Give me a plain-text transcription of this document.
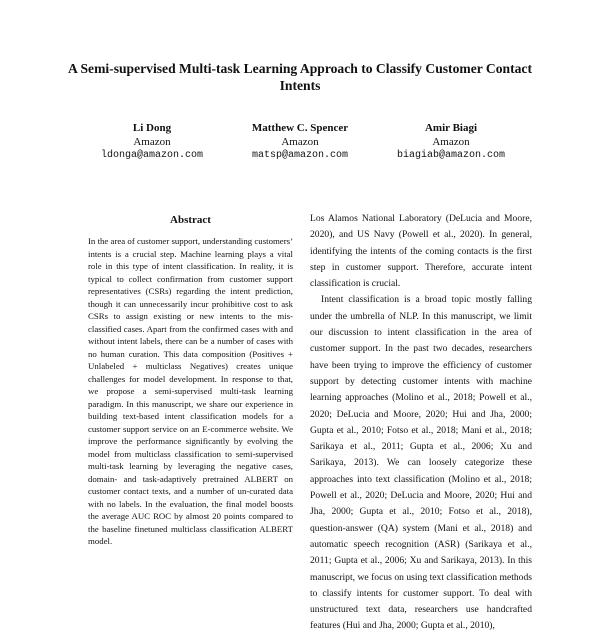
A Semi-supervised Multi-task Learning Approach to Classify Customer Contact Intents
Li Dong
Amazon
ldonga@amazon.com
Matthew C. Spencer
Amazon
matsp@amazon.com
Amir Biagi
Amazon
biagiab@amazon.com
Abstract
In the area of customer support, understanding customers’ intents is a crucial step. Machine learning plays a vital role in this type of intent classification. In reality, it is typical to collect confirmation from customer support representatives (CSRs) regarding the intent prediction, though it can unnecessarily incur prohibitive cost to ask CSRs to assign existing or new intents to the mis-classified cases. Apart from the confirmed cases with and without intent labels, there can be a number of cases with no human curation. This data composition (Positives + Unlabeled + multiclass Negatives) creates unique challenges for model development. In response to that, we propose a semi-supervised multi-task learning paradigm. In this manuscript, we share our experience in building text-based intent classification models for a customer support service on an E-commerce website. We improve the performance significantly by evolving the model from multiclass classification to semi-supervised multi-task learning by leveraging the negative cases, domain- and task-adaptively pretrained ALBERT on customer contact texts, and a number of un-curated data with no labels. In the evaluation, the final model boosts the average AUC ROC by almost 20 points compared to the baseline finetuned multiclass classification ALBERT model.

Los Alamos National Laboratory (DeLucia and Moore, 2020), and US Navy (Powell et al., 2020). In general, identifying the intents of the coming contacts is the first step in customer support. Therefore, accurate intent classification is crucial.

Intent classification is a broad topic mostly falling under the umbrella of NLP. In this manuscript, we limit our discussion to intent classification in the area of customer support. In the past two decades, researchers have been trying to improve the efficiency of customer support by detecting customer intents with machine learning approaches (Molino et al., 2018; Powell et al., 2020; DeLucia and Moore, 2020; Hui and Jha, 2000; Gupta et al., 2010; Fotso et al., 2018; Mani et al., 2018; Sarikaya et al., 2011; Gupta et al., 2006; Xu and Sarikaya, 2013). We can loosely categorize these approaches into text classification (Molino et al., 2018; Powell et al., 2020; DeLucia and Moore, 2020; Hui and Jha, 2000; Gupta et al., 2010; Fotso et al., 2018), question-answer (QA) system (Mani et al., 2018) and automatic speech recognition (ASR) (Sarikaya et al., 2011; Gupta et al., 2006; Xu and Sarikaya, 2013). In this manuscript, we focus on using text classification methods to classify intents for customer support. To deal with unstructured text data, researchers use handcrafted features (Hui and Jha, 2000; Gupta et al., 2010),
